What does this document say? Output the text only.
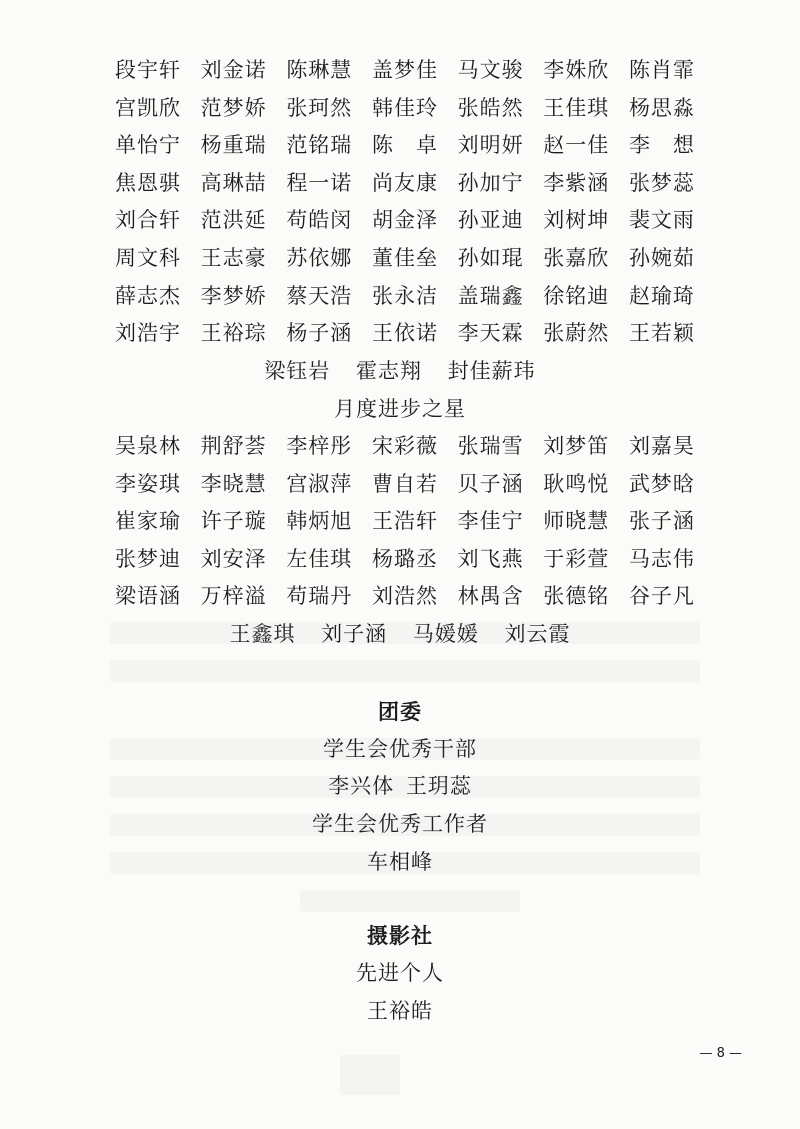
段宇轩 刘金诺 陈琳慧 盖梦佳 马文骏 李姝欣 陈肖霏
宫凯欣 范梦娇 张珂然 韩佳玲 张皓然 王佳琪 杨思淼
单怡宁 杨重瑞 范铭瑞 陈　卓 刘明妍 赵一佳 李　想
焦恩骐 高琳喆 程一诺 尚友康 孙加宁 李紫涵 张梦蕊
刘合轩 范洪延 苟皓闵 胡金泽 孙亚迪 刘树坤 裴文雨
周文科 王志豪 苏依娜 董佳垒 孙如琨 张嘉欣 孙婉茹
薛志杰 李梦娇 蔡天浩 张永洁 盖瑞鑫 徐铭迪 赵瑜琦
刘浩宇 王裕琮 杨子涵 王依诺 李天霖 张蔚然 王若颖
梁钰岩 霍志翔 封佳薪玮
月度进步之星
吴泉林 荆舒荟 李梓彤 宋彩薇 张瑞雪 刘梦笛 刘嘉昊
李姿琪 李晓慧 宫淑萍 曹自若 贝子涵 耿鸣悦 武梦晗
崔家瑜 许子璇 韩炳旭 王浩轩 李佳宁 师晓慧 张子涵
张梦迪 刘安泽 左佳琪 杨璐丞 刘飞燕 于彩萱 马志伟
梁语涵 万梓溢 苟瑞丹 刘浩然 林禺含 张德铭 谷子凡
王鑫琪 刘子涵 马媛媛 刘云霞
团委
学生会优秀干部
李兴体 王玥蕊
学生会优秀工作者
车相峰
摄影社
先进个人
王裕皓
— 8 —
